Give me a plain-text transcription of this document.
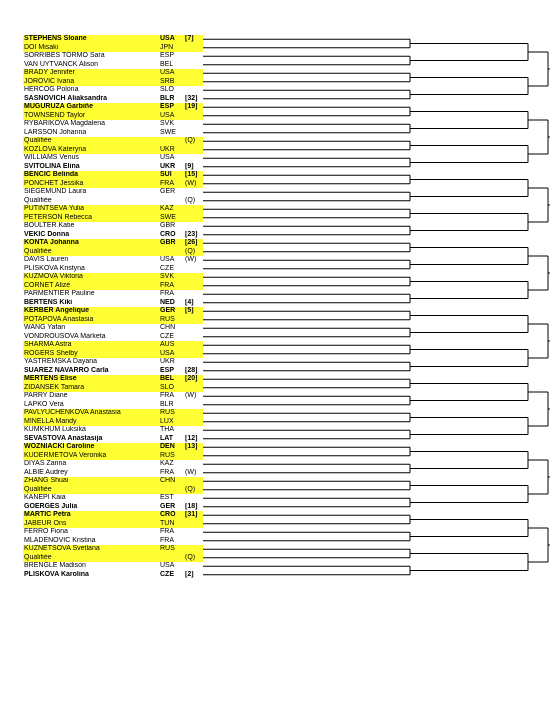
STEPHENS Sloane	USA [7]
DOI Misaki	JPN
SORRIBES TORMO Sara	ESP
VAN UYTVANCK Alison	BEL
BRADY Jennifer	USA
JOROVIC Ivana	SRB
HERCOG Polona	SLO
SASNOVICH Aliaksandra	BLR [32]
MUGURUZA Garbiñe	ESP [19]
TOWNSEND Taylor	USA
RYBARIKOVA Magdalena	SVK
LARSSON Johanna	SWE
Qualifiée	(Q)
KOZLOVA Kateryna	UKR
WILLIAMS Venus	USA
SVITOLINA Elina	UKR [9]
BENCIC Belinda	SUI [15]
PONCHET Jessika	FRA (W)
SIEGEMUND Laura	GER
Qualifiée	(Q)
PUTINTSEVA Yulia	KAZ
PETERSON Rebecca	SWE
BOULTER Katie	GBR
VEKIC Donna	CRO [23]
KONTA Johanna	GBR [26]
Qualifiée	(Q)
DAVIS Lauren	USA (W)
PLISKOVA Kristyna	CZE
KUZMOVA Viktoria	SVK
CORNET Alizé	FRA
PARMENTIER Pauline	FRA
BERTENS Kiki	NED [4]
KERBER Angelique	GER [5]
POTAPOVA Anastasia	RUS
WANG Yafan	CHN
VONDROUSOVA Marketa	CZE
SHARMA Astra	AUS
ROGERS Shelby	USA
YASTREMSKA Dayana	UKR
SUAREZ NAVARRO Carla	ESP [28]
MERTENS Elise	BEL [20]
ZIDANSEK Tamara	SLO
PARRY Diane	FRA (W)
LAPKO Vera	BLR
PAVLYUCHENKOVA Anastasia	RUS
MINELLA Mandy	LUX
KUMKHUM Luksika	THA
SEVASTOVA Anastasija	LAT [12]
WOZNIACKI Caroline	DEN [13]
KUDERMETOVA Veronika	RUS
DIYAS Zarina	KAZ
ALBIE Audrey	FRA (W)
ZHANG Shuai	CHN
Qualifiée	(Q)
KANEPI Kaia	EST
GOERGES Julia	GER [18]
MARTIC Petra	CRO [31]
JABEUR Ons	TUN
FERRO Fiona	FRA
MLADENOVIC Kristina	FRA
KUZNETSOVA Svetlana	RUS
Qualifiée	(Q)
BRENGLE Madison	USA
PLISKOVA Karolina	CZE [2]
